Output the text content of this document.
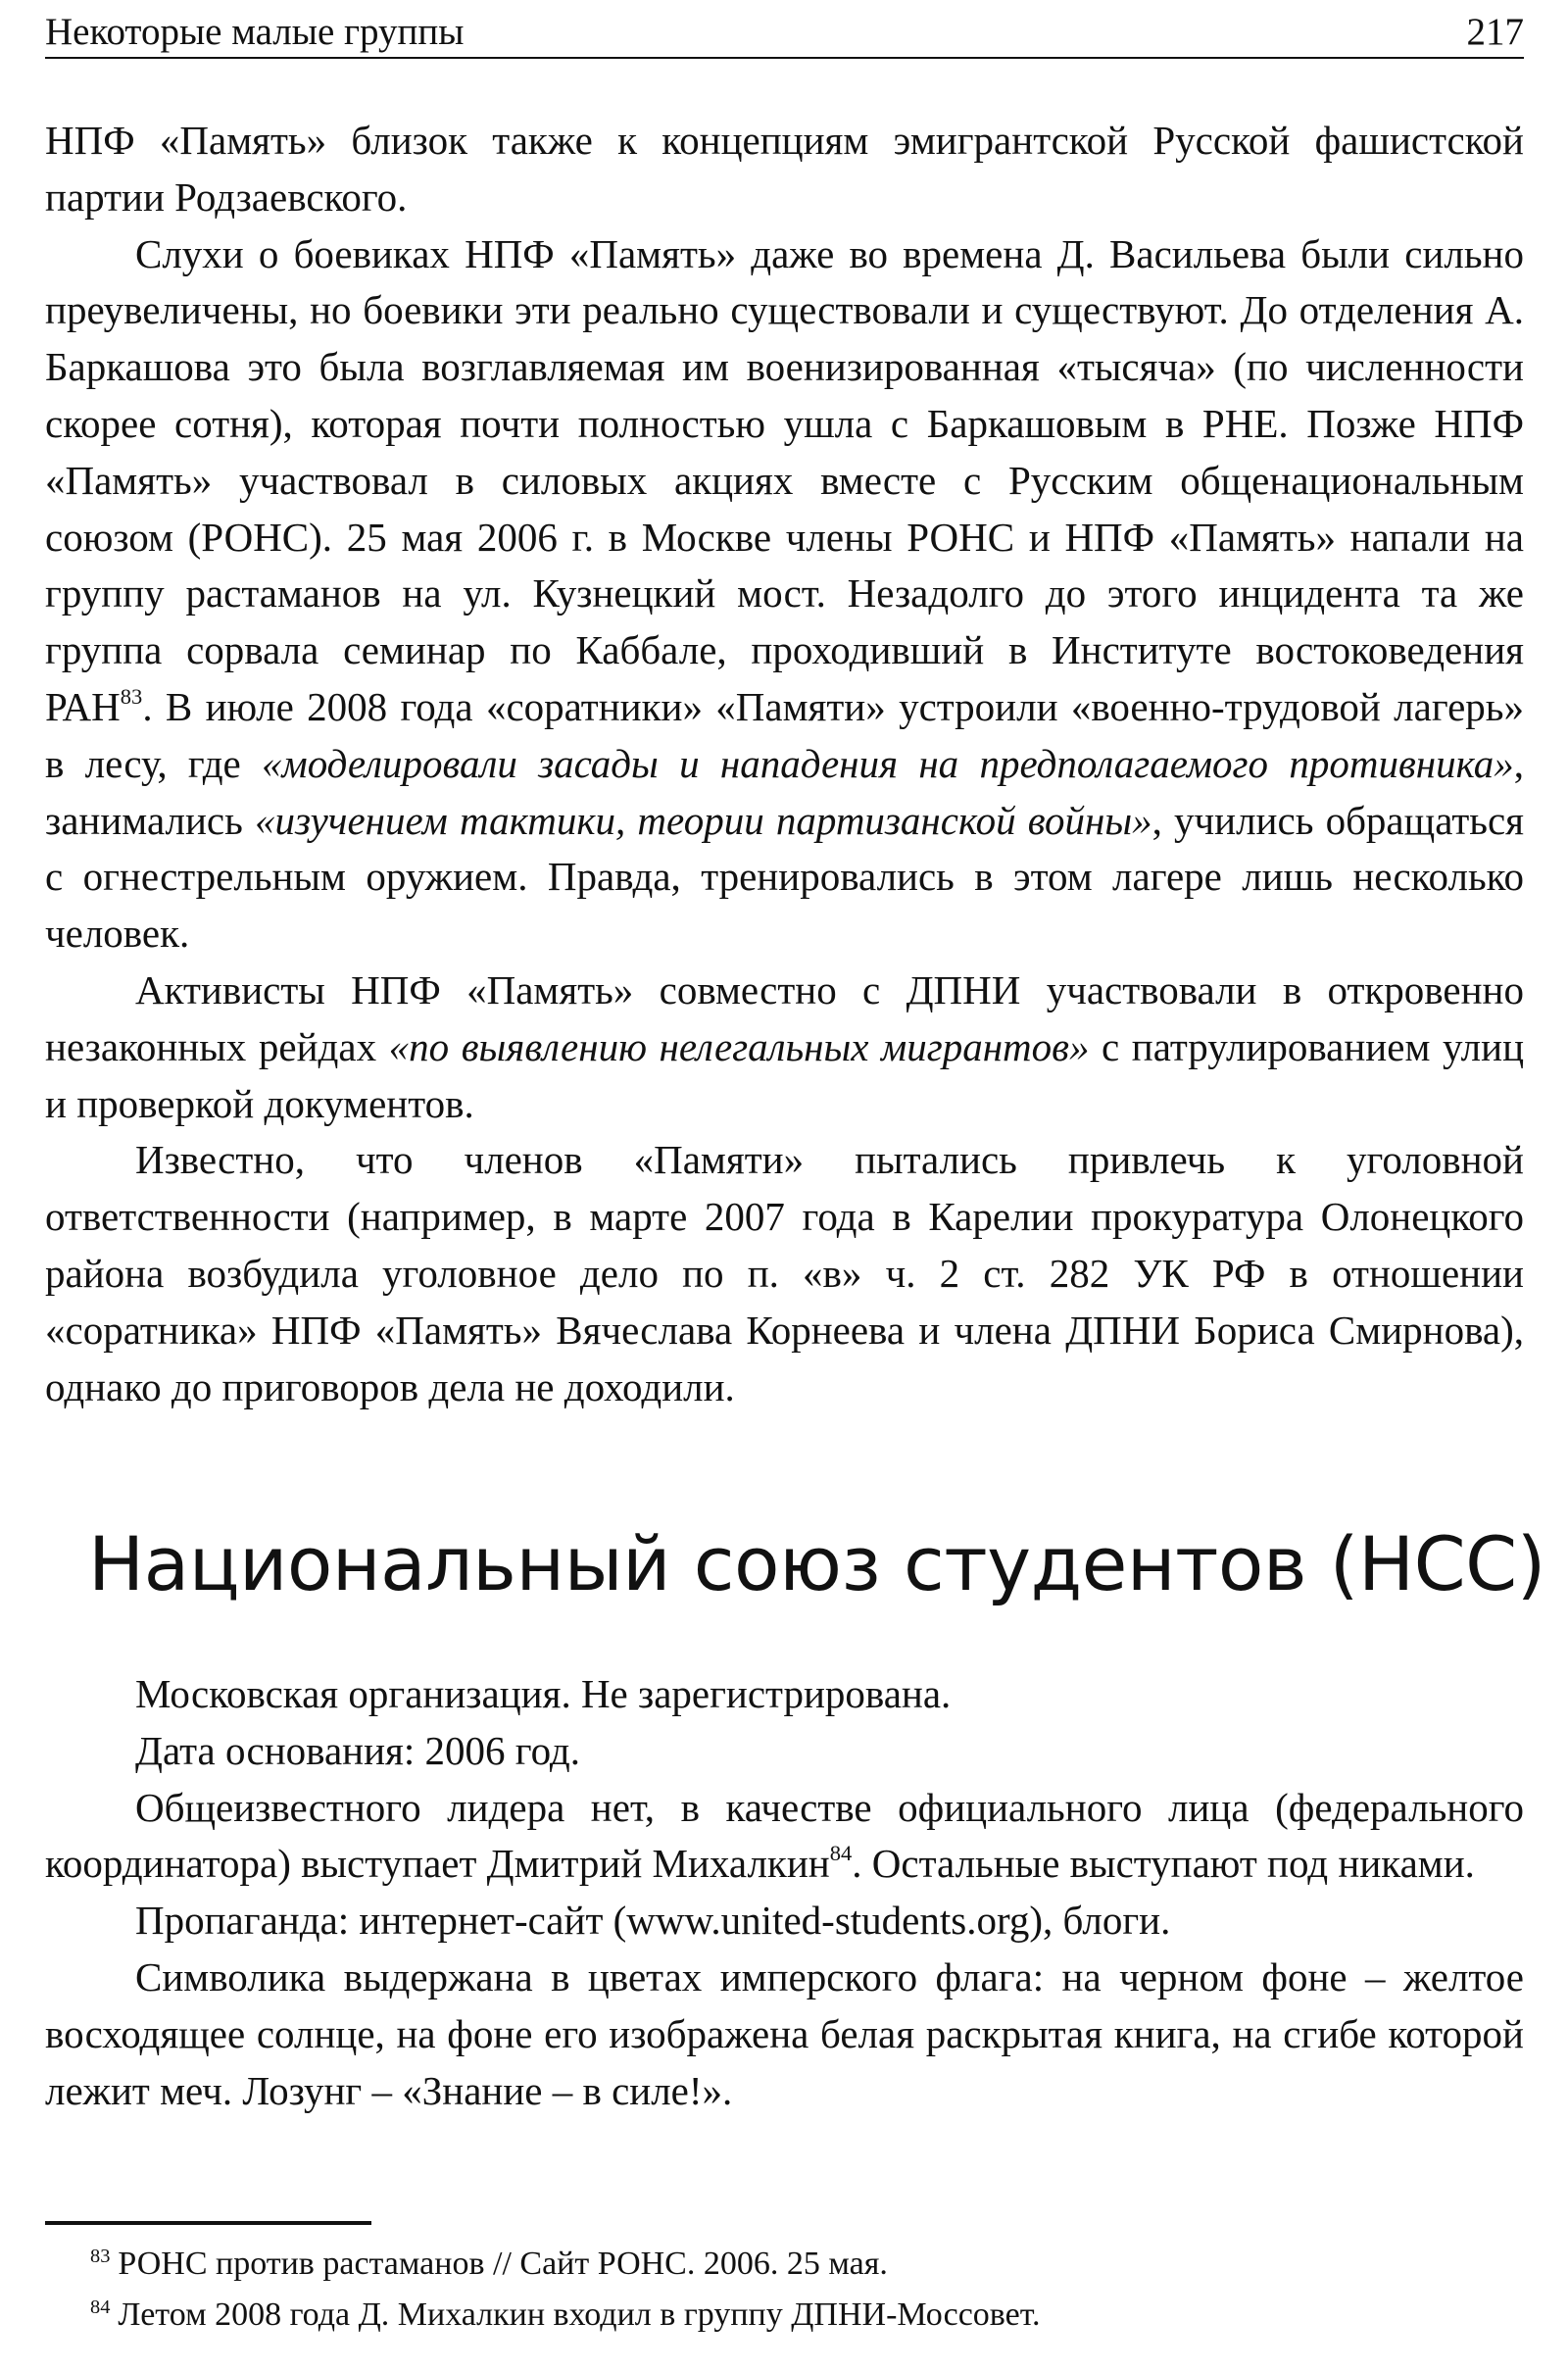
Некоторые малые группы	217

НПФ «Память» близок также к концепциям эмигрантской Русской фашистской партии Родзаевского.

Слухи о боевиках НПФ «Память» даже во времена Д. Васильева были сильно преувеличены, но боевики эти реально существовали и существуют. До отделения А. Баркашова это была возглавляемая им военизированная «тысяча» (по численности скорее сотня), которая почти полностью ушла с Баркашовым в РНЕ. Позже НПФ «Память» участвовал в силовых акциях вместе с Русским общенациональным союзом (РОНС). 25 мая 2006 г. в Москве члены РОНС и НПФ «Память» напали на группу растаманов на ул. Кузнецкий мост. Незадолго до этого инцидента та же группа сорвала семинар по Каббале, проходивший в Институте востоковедения РАН$^{83}$. В июле 2008 года «соратники» «Памяти» устроили «военно-трудовой лагерь» в лесу, где «моделировали засады и нападения на предполагаемого противника», занимались «изучением тактики, теории партизанской войны», учились обращаться с огнестрельным оружием. Правда, тренировались в этом лагере лишь несколько человек.

Активисты НПФ «Память» совместно с ДПНИ участвовали в откровенно незаконных рейдах «по выявлению нелегальных мигрантов» с патрулированием улиц и проверкой документов.

Известно, что членов «Памяти» пытались привлечь к уголовной ответственности (например, в марте 2007 года в Карелии прокуратура Олонецкого района возбудила уголовное дело по п. «в» ч. 2 ст. 282 УК РФ в отношении «соратника» НПФ «Память» Вячеслава Корнеева и члена ДПНИ Бориса Смирнова), однако до приговоров дела не доходили.

Национальный союз студентов (НСС)

Московская организация. Не зарегистрирована.

Дата основания: 2006 год.

Общеизвестного лидера нет, в качестве официального лица (федерального координатора) выступает Дмитрий Михалкин$^{84}$. Остальные выступают под никами.

Пропаганда: интернет-сайт (www.united-students.org), блоги.

Символика выдержана в цветах имперского флага: на черном фоне – желтое восходящее солнце, на фоне его изображена белая раскрытая книга, на сгибе которой лежит меч. Лозунг – «Знание – в силе!».

$^{83}$ РОНС против растаманов // Сайт РОНС. 2006. 25 мая.

$^{84}$ Летом 2008 года Д. Михалкин входил в группу ДПНИ-Моссовет.
